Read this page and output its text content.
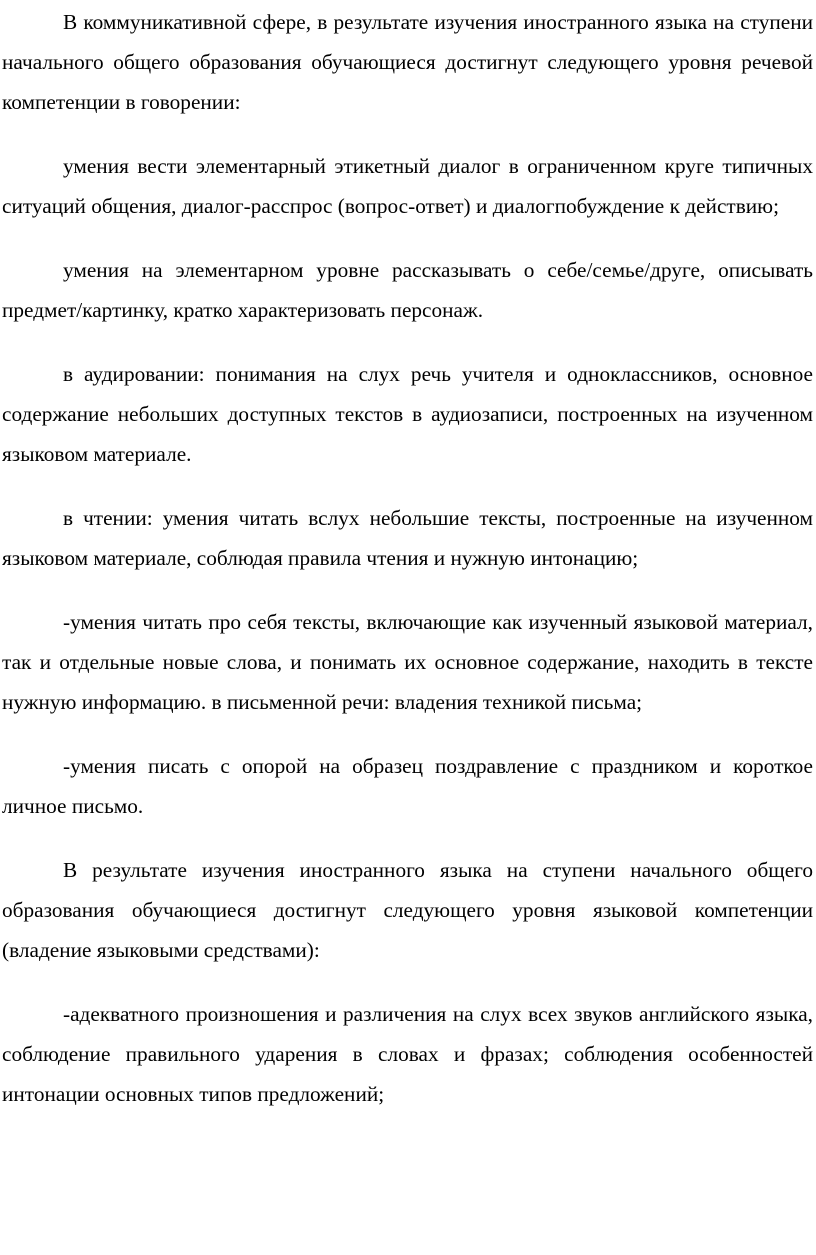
В коммуникативной сфере, в результате изучения иностранного языка на ступени начального общего образования обучающиеся достигнут следующего уровня речевой компетенции в говорении:

умения вести элементарный этикетный диалог в ограниченном круге типичных ситуаций общения, диалог-расспрос (вопрос-ответ) и диалогпобуждение к действию;

умения на элементарном уровне рассказывать о себе/семье/друге, описывать предмет/картинку, кратко характеризовать персонаж.

в аудировании: понимания на слух речь учителя и одноклассников, основное содержание небольших доступных текстов в аудиозаписи, построенных на изученном языковом материале.

в чтении: умения читать вслух небольшие тексты, построенные на изученном языковом материале, соблюдая правила чтения и нужную интонацию;

-умения читать про себя тексты, включающие как изученный языковой материал, так и отдельные новые слова, и понимать их основное содержание, находить в тексте нужную информацию. в письменной речи: владения техникой письма;

-умения писать с опорой на образец поздравление с праздником и короткое личное письмо.

В результате изучения иностранного языка на ступени начального общего образования обучающиеся достигнут следующего уровня языковой компетенции (владение языковыми средствами):

-адекватного произношения и различения на слух всех звуков английского языка, соблюдение правильного ударения в словах и фразах; соблюдения особенностей интонации основных типов предложений;
